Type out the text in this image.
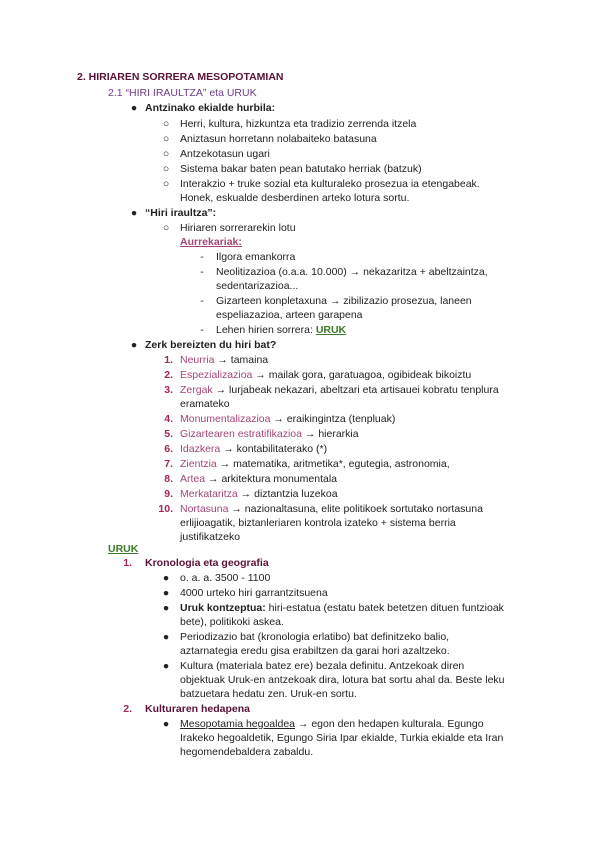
2. HIRIAREN SORRERA MESOPOTAMIAN
2.1 “HIRI IRAULTZA” eta URUK
● Antzinako ekialde hurbila:
○ Herri, kultura, hizkuntza eta tradizio zerrenda itzela
○ Aniztasun horretann nolabaiteko batasuna
○ Antzekotasun ugari
○ Sistema bakar baten pean batutako herriak (batzuk)
○ Interakzio + truke sozial eta kulturaleko prosezua ia etengabeak.
Honek, eskualde desberdinen arteko lotura sortu.
● “Hiri iraultza”:
○ Hiriaren sorrerarekin lotu
Aurrekariak:
-	Ilgora emankorra
-	Neolitizazioa (o.a.a. 10.000) → nekazaritza + abeltzaintza,
sedentarizazioa...
-	Gizarteen konpletaxuna → zibilizazio prosezua, laneen
espeliazazioa, arteen garapena
-	Lehen hirien sorrera: URUK
● Zerk bereizten du hiri bat?
1. Neurria → tamaina
2. Espezializazioa → mailak gora, garatuagoa, ogibideak bikoiztu
3. Zergak → lurjabeak nekazari, abeltzari eta artisauei kobratu tenplura
eramateko
4. Monumentalizazioa → eraikingintza (tenpluak)
5. Gizartearen estratifikazioa → hierarkia
6. Idazkera → kontabilitaterako (*)
7. Zientzia → matematika, aritmetika*, egutegia, astronomia,
8. Artea → arkitektura monumentala
9. Merkataritza → diztantzia luzekoa
10. Nortasuna → nazionaltasuna, elite politikoek sortutako nortasuna
erlijioagatik, biztanleriaren kontrola izateko + sistema berria
justifikatzeko
URUK
1. Kronologia eta geografia
● o. a. a. 3500 - 1100
● 4000 urteko hiri garrantzitsuena
● Uruk kontzeptua: hiri-estatua (estatu batek betetzen dituen funtzioak
bete), politikoki askea.
● Periodizazio bat (kronologia erlatibo) bat definitzeko balio,
aztarnategia eredu gisa erabiltzen da garai hori azaltzeko.
● Kultura (materiala batez ere) bezala definitu. Antzekoak diren
objektuak Uruk-en antzekoak dira, lotura bat sortu ahal da. Beste leku
batzuetara hedatu zen. Uruk-en sortu.
2. Kulturaren hedapena
● Mesopotamia hegoaldea → egon den hedapen kulturala. Egungo
Irakeko hegoaldetik, Egungo Siria Ipar ekialde, Turkia ekialde eta Iran
hegomendebaldera zabaldu.
